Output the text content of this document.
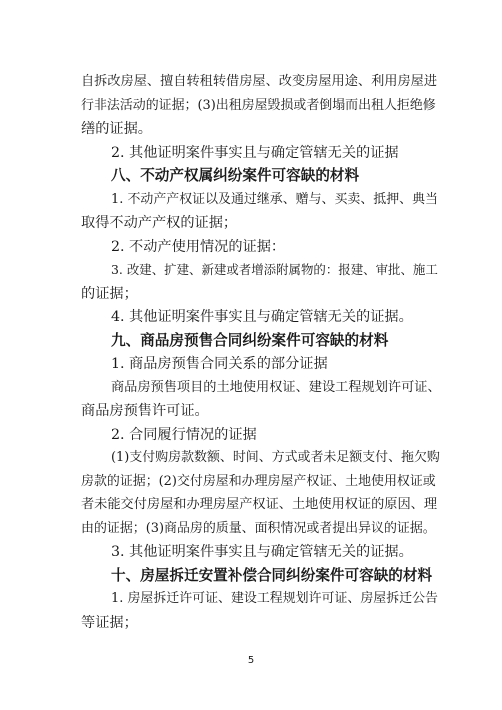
自拆改房屋、擅自转租转借房屋、改变房屋用途、利用房屋进
行非法活动的证据；(3)出租房屋毁损或者倒塌而出租人拒绝修
缮的证据。
2. 其他证明案件事实且与确定管辖无关的证据
八、不动产权属纠纷案件可容缺的材料
1. 不动产产权证以及通过继承、赠与、买卖、抵押、典当
取得不动产产权的证据；
2. 不动产使用情况的证据：
3. 改建、扩建、新建或者增添附属物的：报建、审批、施工
的证据；
4. 其他证明案件事实且与确定管辖无关的证据。
九、商品房预售合同纠纷案件可容缺的材料
1. 商品房预售合同关系的部分证据
商品房预售项目的土地使用权证、建设工程规划许可证、
商品房预售许可证。
2. 合同履行情况的证据
(1)支付购房款数额、时间、方式或者未足额支付、拖欠购
房款的证据；(2)交付房屋和办理房屋产权证、土地使用权证或
者未能交付房屋和办理房屋产权证、土地使用权证的原因、理
由的证据；(3)商品房的质量、面积情况或者提出异议的证据。
3. 其他证明案件事实且与确定管辖无关的证据。
十、房屋拆迁安置补偿合同纠纷案件可容缺的材料
1. 房屋拆迁许可证、建设工程规划许可证、房屋拆迁公告
等证据；
5
